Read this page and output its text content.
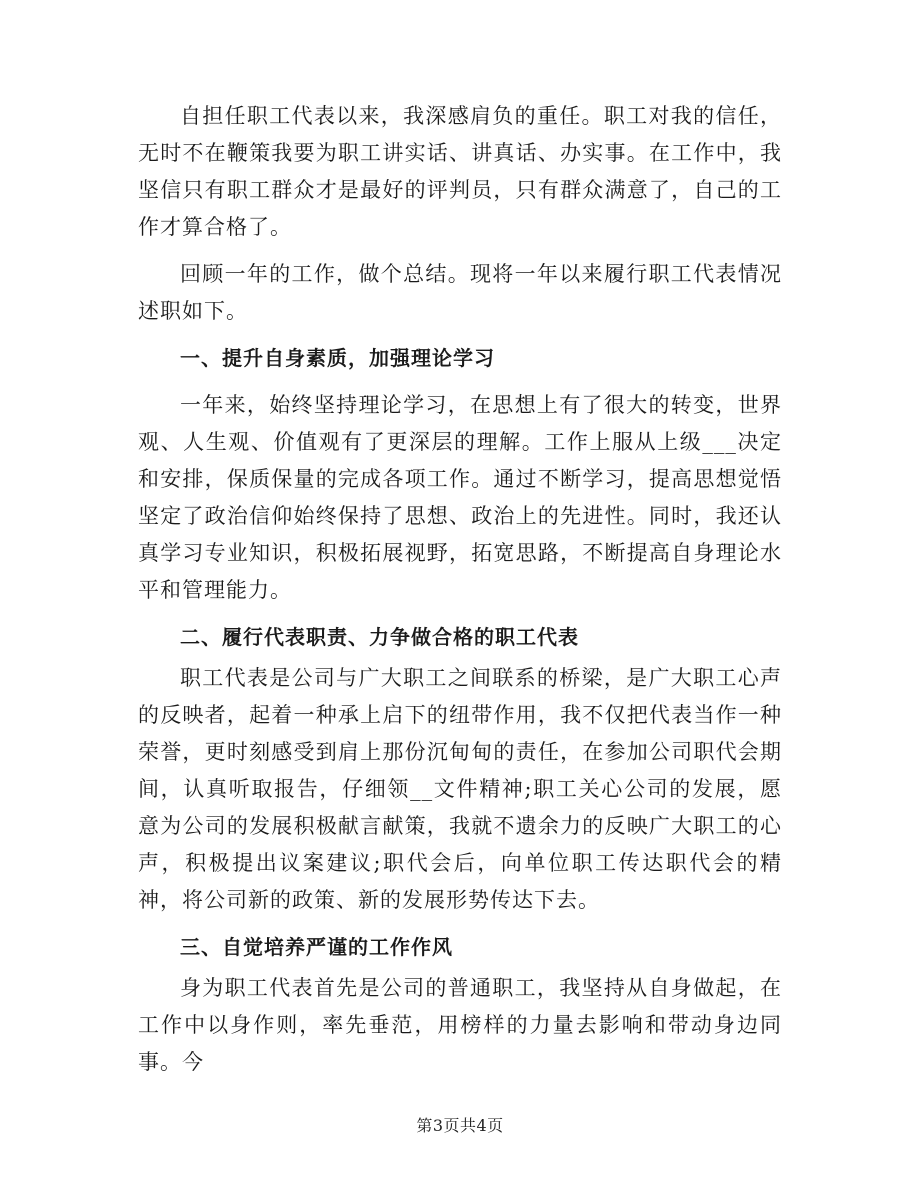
自担任职工代表以来，我深感肩负的重任。职工对我的信任，无时不在鞭策我要为职工讲实话、讲真话、办实事。在工作中，我坚信只有职工群众才是最好的评判员，只有群众满意了，自己的工作才算合格了。

回顾一年的工作，做个总结。现将一年以来履行职工代表情况述职如下。

一、提升自身素质，加强理论学习

一年来，始终坚持理论学习，在思想上有了很大的转变，世界观、人生观、价值观有了更深层的理解。工作上服从上级___决定和安排，保质保量的完成各项工作。通过不断学习，提高思想觉悟坚定了政治信仰始终保持了思想、政治上的先进性。同时，我还认真学习专业知识，积极拓展视野，拓宽思路，不断提高自身理论水平和管理能力。

二、履行代表职责、力争做合格的职工代表

职工代表是公司与广大职工之间联系的桥梁，是广大职工心声的反映者，起着一种承上启下的纽带作用，我不仅把代表当作一种荣誉，更时刻感受到肩上那份沉甸甸的责任，在参加公司职代会期间，认真听取报告，仔细领__文件精神;职工关心公司的发展，愿意为公司的发展积极献言献策，我就不遗余力的反映广大职工的心声，积极提出议案建议;职代会后，向单位职工传达职代会的精神，将公司新的政策、新的发展形势传达下去。

三、自觉培养严谨的工作作风

身为职工代表首先是公司的普通职工，我坚持从自身做起，在工作中以身作则，率先垂范，用榜样的力量去影响和带动身边同事。今

第3页共4页
